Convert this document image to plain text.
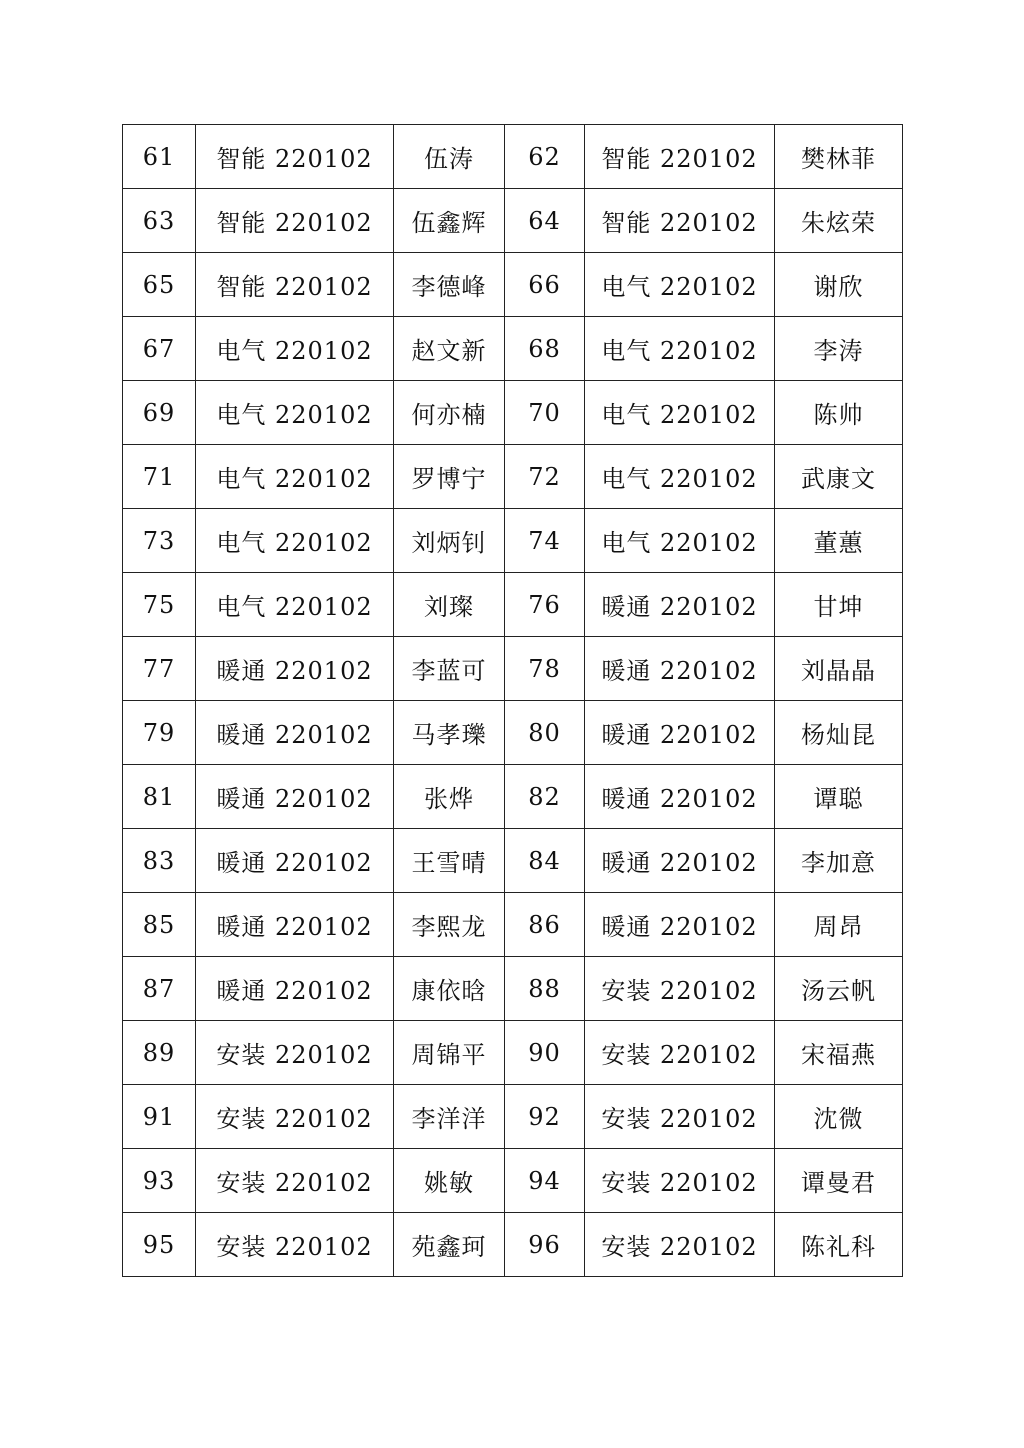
61	智能 220102	伍涛	62	智能 220102	樊林菲
63	智能 220102	伍鑫辉	64	智能 220102	朱炫荣
65	智能 220102	李德峰	66	电气 220102	谢欣
67	电气 220102	赵文新	68	电气 220102	李涛
69	电气 220102	何亦楠	70	电气 220102	陈帅
71	电气 220102	罗博宁	72	电气 220102	武康文
73	电气 220102	刘炳钊	74	电气 220102	董蕙
75	电气 220102	刘璨	76	暖通 220102	甘坤
77	暖通 220102	李蓝可	78	暖通 220102	刘晶晶
79	暖通 220102	马孝瓅	80	暖通 220102	杨灿昆
81	暖通 220102	张烨	82	暖通 220102	谭聪
83	暖通 220102	王雪晴	84	暖通 220102	李加意
85	暖通 220102	李熙龙	86	暖通 220102	周昂
87	暖通 220102	康依晗	88	安装 220102	汤云帆
89	安装 220102	周锦平	90	安装 220102	宋福燕
91	安装 220102	李洋洋	92	安装 220102	沈微
93	安装 220102	姚敏	94	安装 220102	谭曼君
95	安装 220102	苑鑫珂	96	安装 220102	陈礼科
